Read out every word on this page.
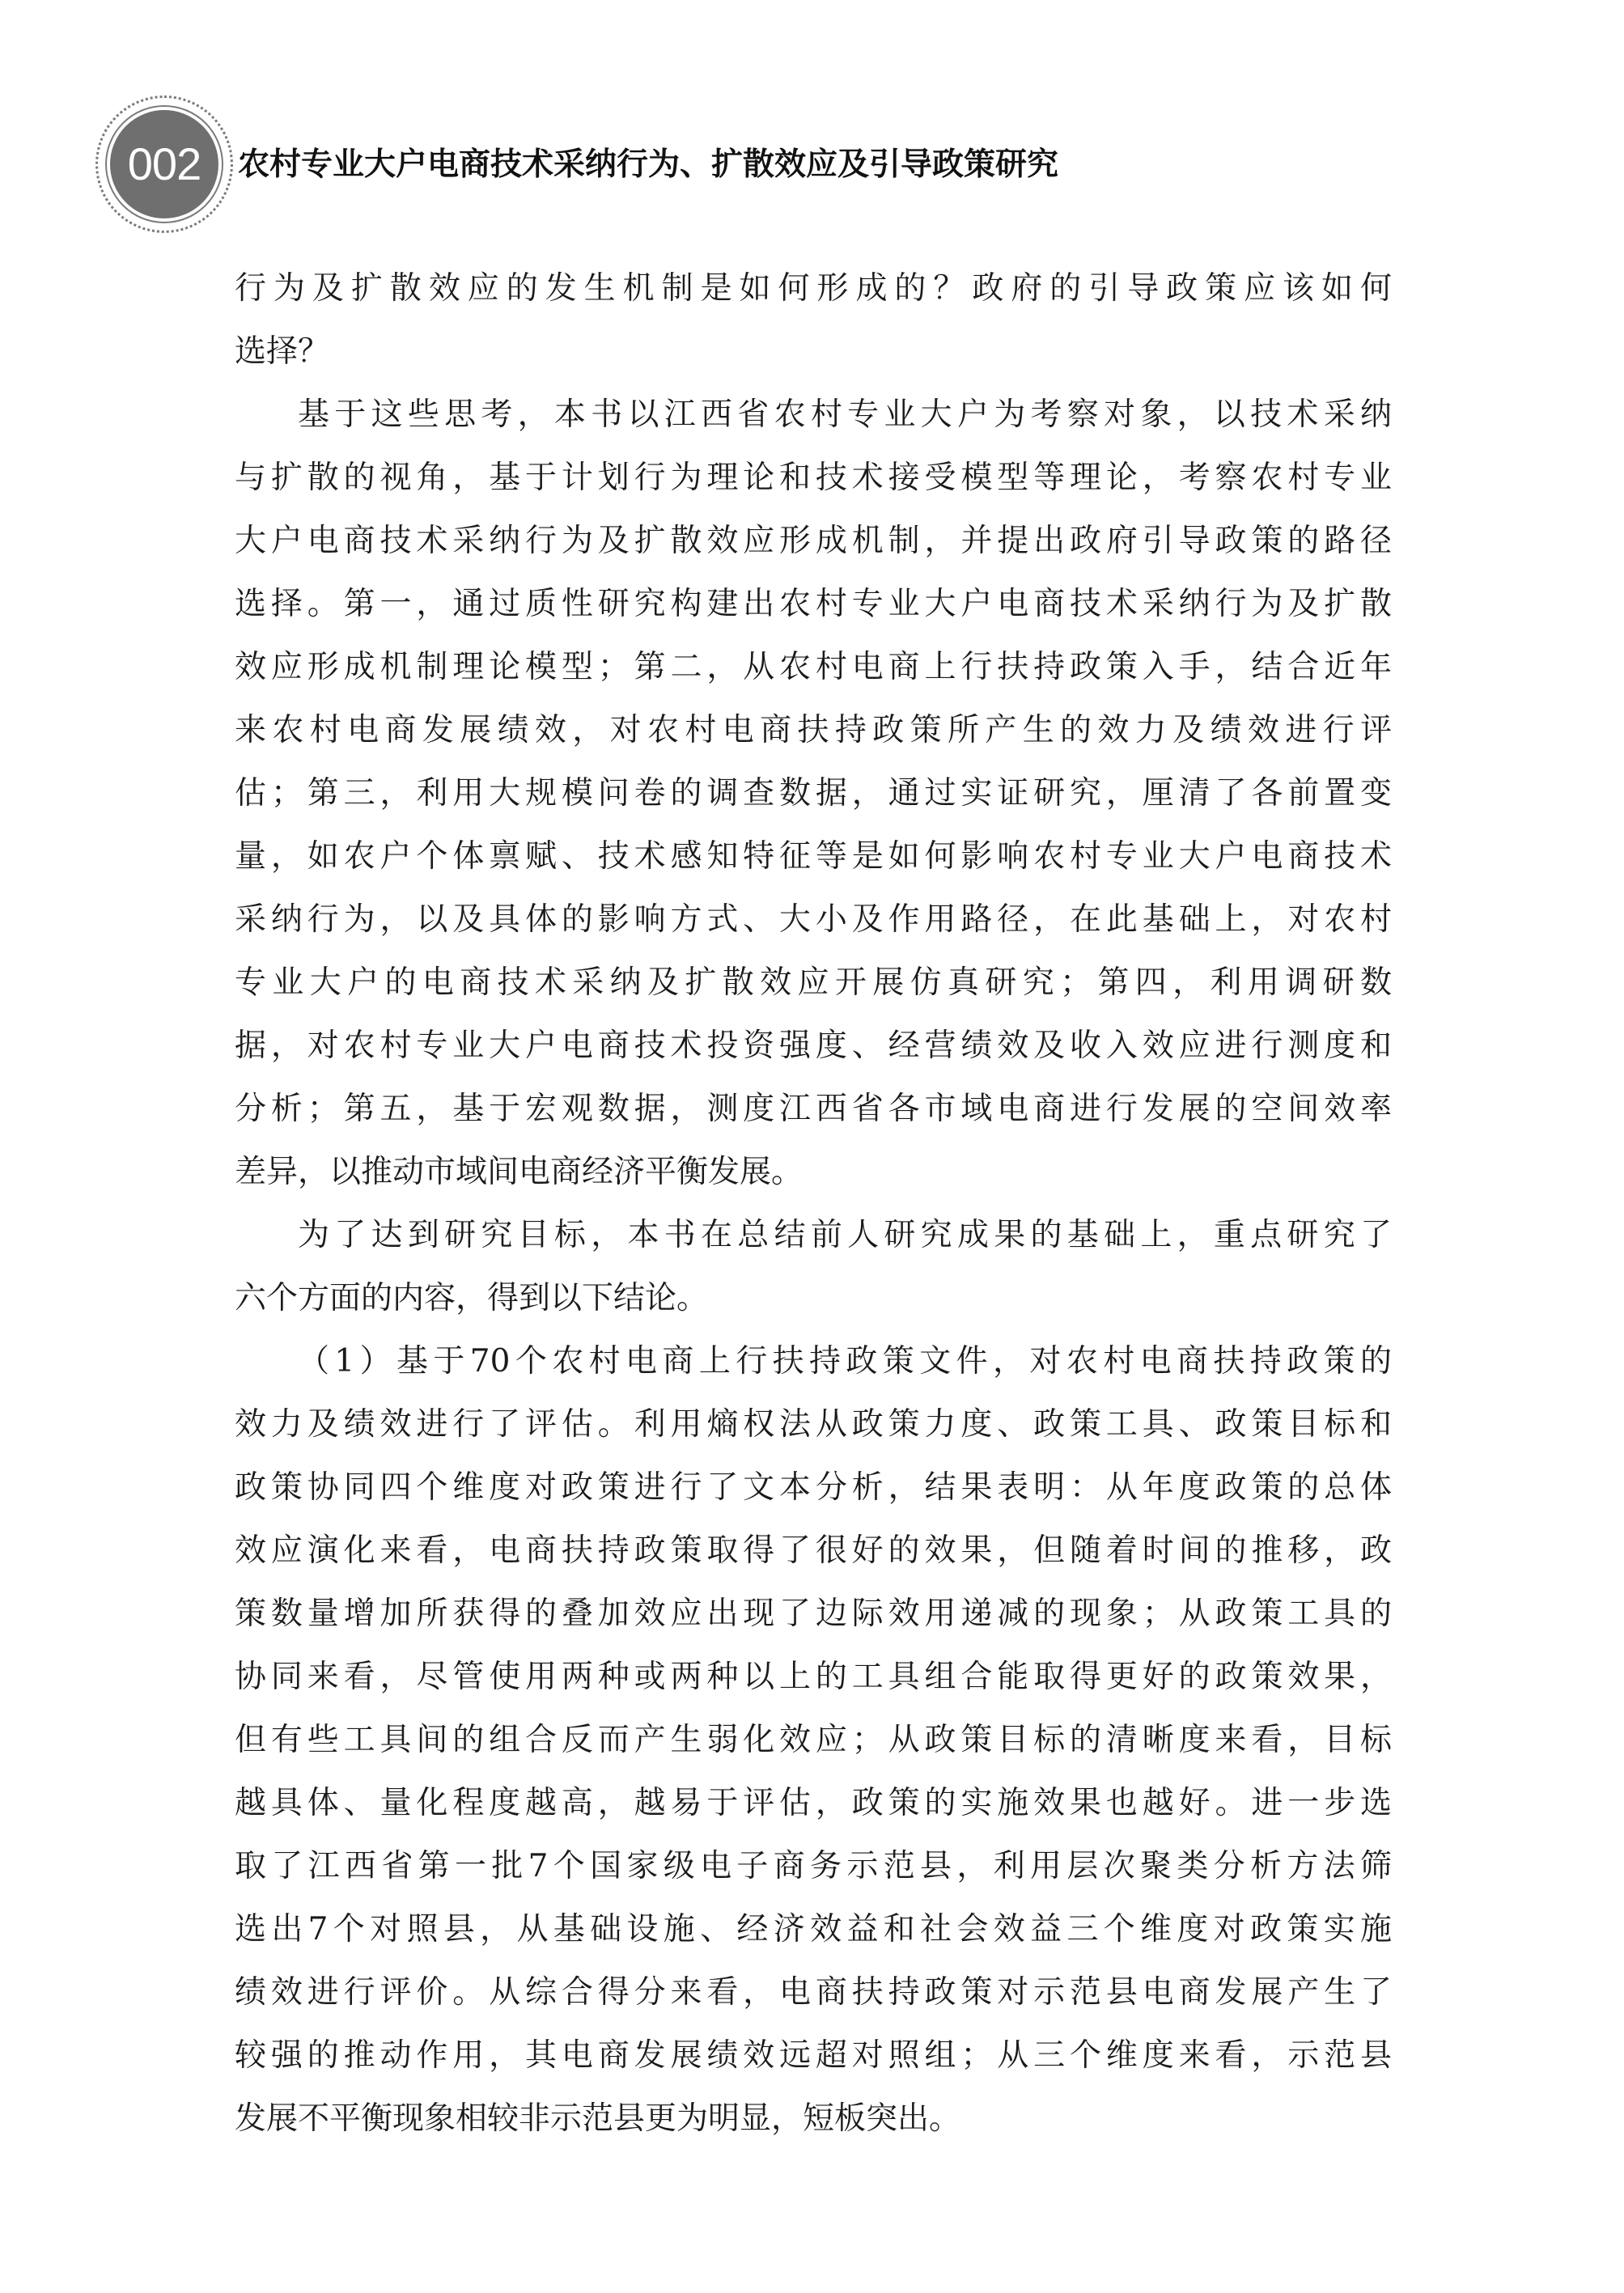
002	农村专业大户电商技术采纳行为、扩散效应及引导政策研究
行为及扩散效应的发生机制是如何形成的？政府的引导政策应该如何
选择？
基于这些思考，本书以江西省农村专业大户为考察对象，以技术采纳
与扩散的视角，基于计划行为理论和技术接受模型等理论，考察农村专业
大户电商技术采纳行为及扩散效应形成机制，并提出政府引导政策的路径
选择。第一，通过质性研究构建出农村专业大户电商技术采纳行为及扩散
效应形成机制理论模型；第二，从农村电商上行扶持政策入手，结合近年
来农村电商发展绩效，对农村电商扶持政策所产生的效力及绩效进行评
估；第三，利用大规模问卷的调查数据，通过实证研究，厘清了各前置变
量，如农户个体禀赋、技术感知特征等是如何影响农村专业大户电商技术
采纳行为，以及具体的影响方式、大小及作用路径，在此基础上，对农村
专业大户的电商技术采纳及扩散效应开展仿真研究；第四，利用调研数
据，对农村专业大户电商技术投资强度、经营绩效及收入效应进行测度和
分析；第五，基于宏观数据，测度江西省各市域电商进行发展的空间效率
差异，以推动市域间电商经济平衡发展。
为了达到研究目标，本书在总结前人研究成果的基础上，重点研究了
六个方面的内容，得到以下结论。
（1）基于70个农村电商上行扶持政策文件，对农村电商扶持政策的
效力及绩效进行了评估。利用熵权法从政策力度、政策工具、政策目标和
政策协同四个维度对政策进行了文本分析，结果表明：从年度政策的总体
效应演化来看，电商扶持政策取得了很好的效果，但随着时间的推移，政
策数量增加所获得的叠加效应出现了边际效用递减的现象；从政策工具的
协同来看，尽管使用两种或两种以上的工具组合能取得更好的政策效果，
但有些工具间的组合反而产生弱化效应；从政策目标的清晰度来看，目标
越具体、量化程度越高，越易于评估，政策的实施效果也越好。进一步选
取了江西省第一批7个国家级电子商务示范县，利用层次聚类分析方法筛
选出7个对照县，从基础设施、经济效益和社会效益三个维度对政策实施
绩效进行评价。从综合得分来看，电商扶持政策对示范县电商发展产生了
较强的推动作用，其电商发展绩效远超对照组；从三个维度来看，示范县
发展不平衡现象相较非示范县更为明显，短板突出。
